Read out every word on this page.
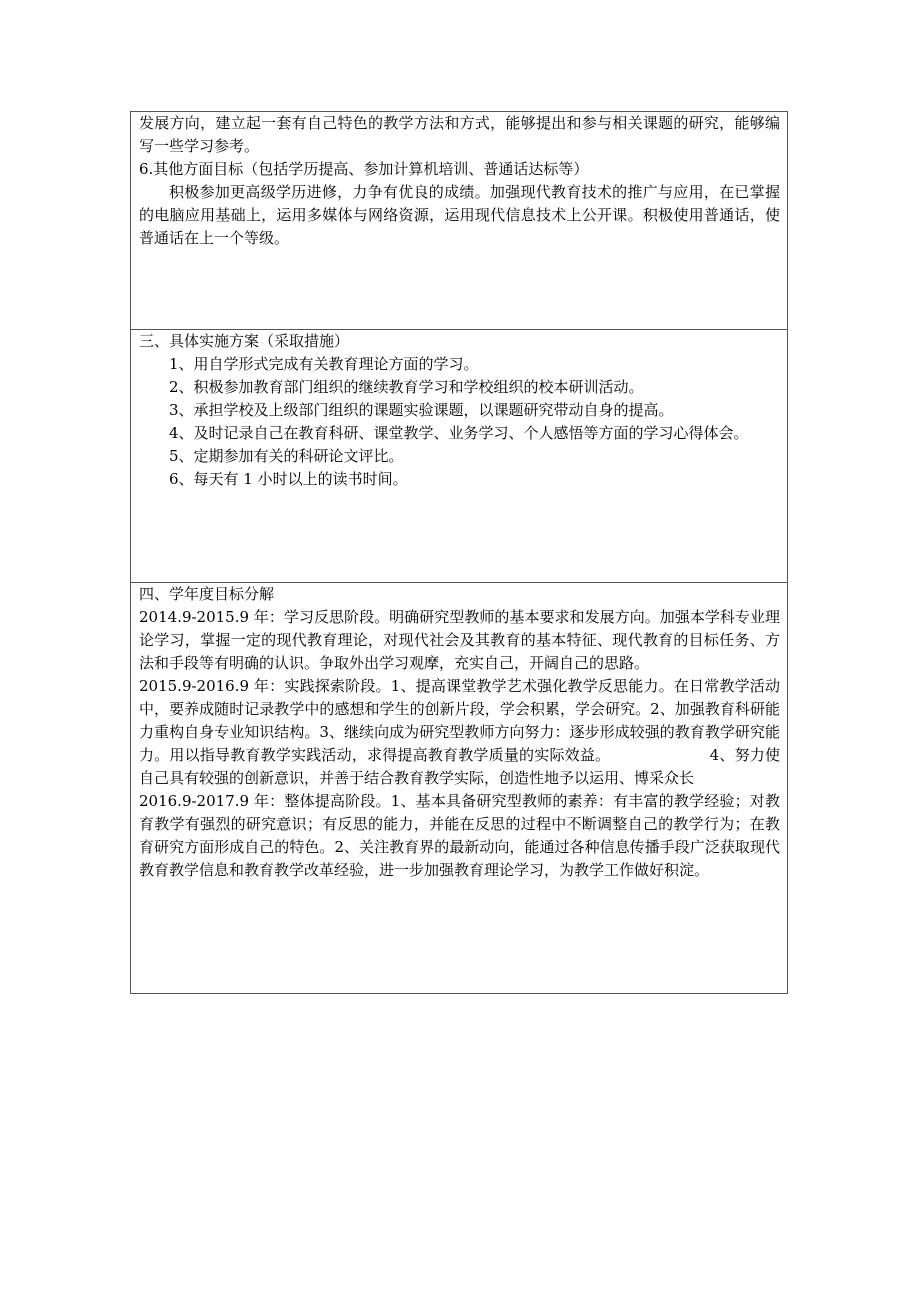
发展方向，建立起一套有自己特色的教学方法和方式，能够提出和参与相关课题的研究，能够编写一些学习参考。

6.其他方面目标（包括学历提高、参加计算机培训、普通话达标等）

积极参加更高级学历进修，力争有优良的成绩。加强现代教育技术的推广与应用，在已掌握的电脑应用基础上，运用多媒体与网络资源，运用现代信息技术上公开课。积极使用普通话，使普通话在上一个等级。

三、具体实施方案（采取措施）

1、用自学形式完成有关教育理论方面的学习。

2、积极参加教育部门组织的继续教育学习和学校组织的校本研训活动。

3、承担学校及上级部门组织的课题实验课题，以课题研究带动自身的提高。

4、及时记录自己在教育科研、课堂教学、业务学习、个人感悟等方面的学习心得体会。

5、定期参加有关的科研论文评比。

6、每天有 1 小时以上的读书时间。

四、学年度目标分解

2014.9-2015.9 年：学习反思阶段。明确研究型教师的基本要求和发展方向。加强本学科专业理论学习，掌握一定的现代教育理论，对现代社会及其教育的基本特征、现代教育的目标任务、方法和手段等有明确的认识。争取外出学习观摩，充实自己，开阔自己的思路。

2015.9-2016.9 年：实践探索阶段。1、提高课堂教学艺术强化教学反思能力。在日常教学活动中，要养成随时记录教学中的感想和学生的创新片段，学会积累，学会研究。2、加强教育科研能力重构自身专业知识结构。3、继续向成为研究型教师方向努力：逐步形成较强的教育教学研究能力。用以指导教育教学实践活动，求得提高教育教学质量的实际效益。                    4、努力使自己具有较强的创新意识，并善于结合教育教学实际，创造性地予以运用、博采众长

2016.9-2017.9 年：整体提高阶段。1、基本具备研究型教师的素养：有丰富的教学经验；对教育教学有强烈的研究意识；有反思的能力，并能在反思的过程中不断调整自己的教学行为；在教育研究方面形成自己的特色。2、关注教育界的最新动向，能通过各种信息传播手段广泛获取现代教育教学信息和教育教学改革经验，进一步加强教育理论学习，为教学工作做好积淀。
